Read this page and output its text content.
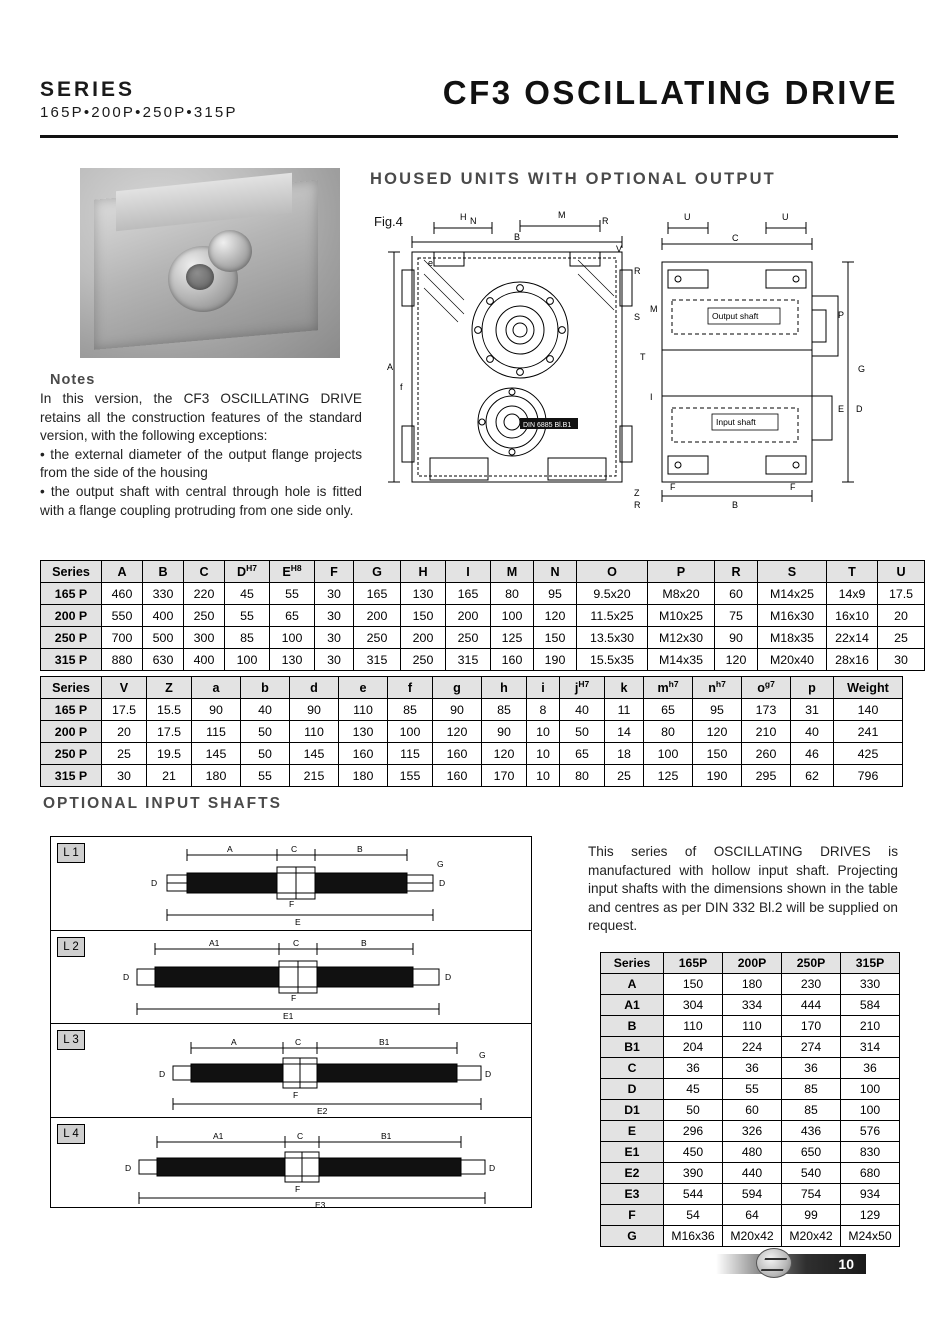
SERIES
165P•200P•250P•315P
CF3 OSCILLATING DRIVE
HOUSED UNITS WITH OPTIONAL OUTPUT
Notes

In this version, the CF3 OSCILLATING DRIVE retains all the construction features of the standard version, with the following exceptions:

• the external diameter of the output flange projects from the side of the housing

• the output shaft with central through hole is fitted with a flange coupling protruding from one side only.

Fig.4
B
A
H	M
C
G
U	U
B
e
N	R
V
R
S
T
Z
R
f
M
I
P
E D
F	F
Output shaft
Input shaft
DIN 6885 Bl.B1
Series	A	B	C	$D^{H7}$	$E^{H8}$	F	G	H	I	M	N	O	P	R	S	T	U
165 P	460	330	220	45	55	30	165	130	165	80	95	9.5x20	M8x20	60	M14x25	14x9	17.5
200 P	550	400	250	55	65	30	200	150	200	100	120	11.5x25	M10x25	75	M16x30	16x10	20
250 P	700	500	300	85	100	30	250	200	250	125	150	13.5x30	M12x30	90	M18x35	22x14	25
315 P	880	630	400	100	130	30	315	250	315	160	190	15.5x35	M14x35	120	M20x40	28x16	30
Series	V	Z	a	b	d	e	f	g	h	i	$j^{H7}$	k	$m^{h7}$	$n^{h7}$	$o^{g7}$	p	Weight
165 P	17.5	15.5	90	40	90	110	85	90	85	8	40	11	65	95	173	31	140
200 P	20	17.5	115	50	110	130	100	120	90	10	50	14	80	120	210	40	241
250 P	25	19.5	145	50	145	160	115	160	120	10	65	18	100	150	260	46	425
315 P	30	21	180	55	215	180	155	160	170	10	80	25	125	190	295	62	796
OPTIONAL INPUT SHAFTS
L 1	A	C	B
E
D	D
F
G
L 2	A1	C	B
E1
D	D
F
L 3	A	C	B1
E2
D	D
F
G
L 4	A1	C	B1
E3
D	D
F
This series of OSCILLATING DRIVES is manufactured with hollow input shaft. Projecting input shafts with the dimensions shown in the table and centres as per DIN 332 Bl.2 will be supplied on request.
Series	165P	200P	250P	315P
A	150	180	230	330
A1	304	334	444	584
B	110	110	170	210
B1	204	224	274	314
C	36	36	36	36
D	45	55	85	100
D1	50	60	85	100
E	296	326	436	576
E1	450	480	650	830
E2	390	440	540	680
E3	544	594	754	934
F	54	64	99	129
G	M16x36	M20x42	M20x42	M24x50
10
